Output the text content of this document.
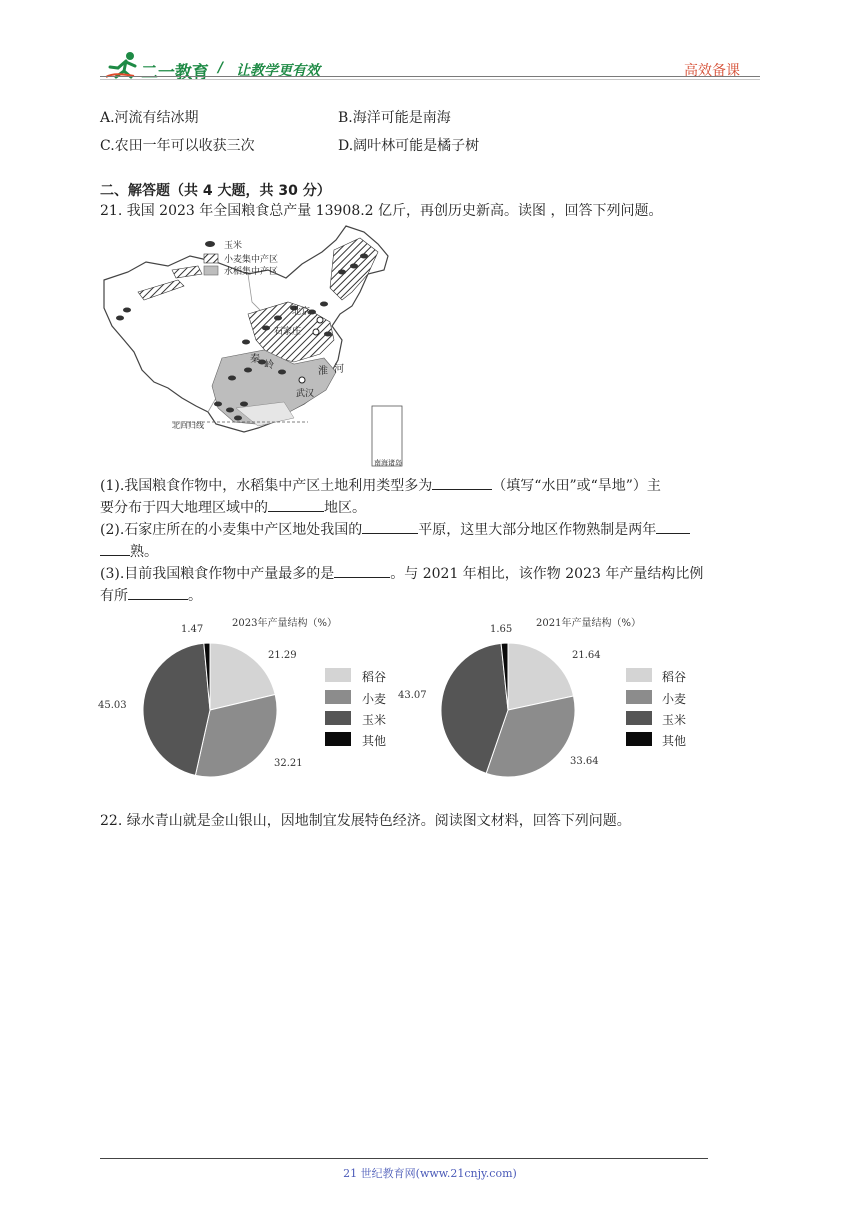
二一教育 / 让教学更有效	高效备课
A.河流有结冰期	B.海洋可能是南海
C.农田一年可以收获三次	D.阔叶林可能是橘子树
二、解答题（共 4 大题，共 30 分）
21. 我国 2023 年全国粮食总产量 13908.2 亿斤，再创历史新高。读图 ，回答下列问题。
玉米
小麦集中产区
水稻集中产区
北京
石家庄
秦
岭
淮 河
武汉
北回归线
南海诸岛
(1).我国粮食作物中，水稻集中产区土地利用类型多为	（填写“水田”或“旱地”）主
要分布于四大地理区域中的	地区。
(2).石家庄所在的小麦集中产区地处我国的	平原，这里大部分地区作物熟制是两年
熟。
(3).目前我国粮食作物中产量最多的是	。与 2021 年相比，该作物 2023 年产量结构比例
有所	。
2023年产量结构（%）
1.47
21.29
45.03
32.21
稻谷
小麦
玉米
其他
2021年产量结构（%）
1.65
21.64
43.07
33.64
稻谷
小麦
玉米
其他
22. 绿水青山就是金山银山，因地制宜发展特色经济。阅读图文材料，回答下列问题。
21 世纪教育网(www.21cnjy.com)
